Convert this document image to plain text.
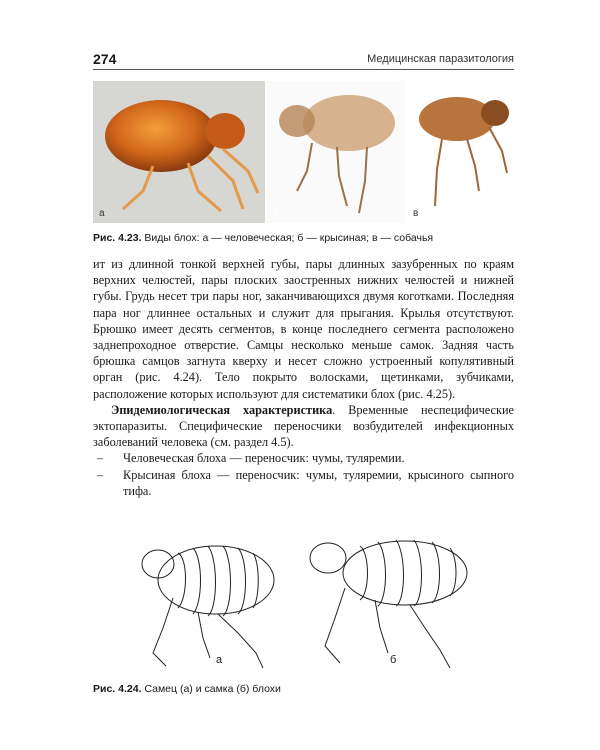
274	Медицинская паразитология
а	б	в
Рис. 4.23. Виды блох: а — человеческая; б — крысиная; в — собачья

ит из длинной тонкой верхней губы, пары длинных зазубренных по краям верхних челюстей, пары плоских заостренных нижних челюстей и нижней губы. Грудь несет три пары ног, заканчивающихся двумя коготками. Последняя пара ног длиннее остальных и служит для прыгания. Крылья отсутствуют. Брюшко имеет десять сегментов, в конце последнего сегмента расположено заднепроходное отверстие. Самцы несколько меньше самок. Задняя часть брюшка самцов загнута кверху и несет сложно устроенный копулятивный орган (рис. 4.24). Тело покрыто волосками, щетинками, зубчиками, расположение которых используют для систематики блох (рис. 4.25).

Эпидемиологическая характеристика. Временные неспецифические эктопаразиты. Специфические переносчики возбудителей инфекционных заболеваний человека (см. раздел 4.5).

–	Человеческая блоха — переносчик: чумы, туляремии.
–	Крысиная блоха — переносчик: чумы, туляремии, крысиного сыпного тифа.
а	б
Рис. 4.24. Самец (а) и самка (б) блохи
